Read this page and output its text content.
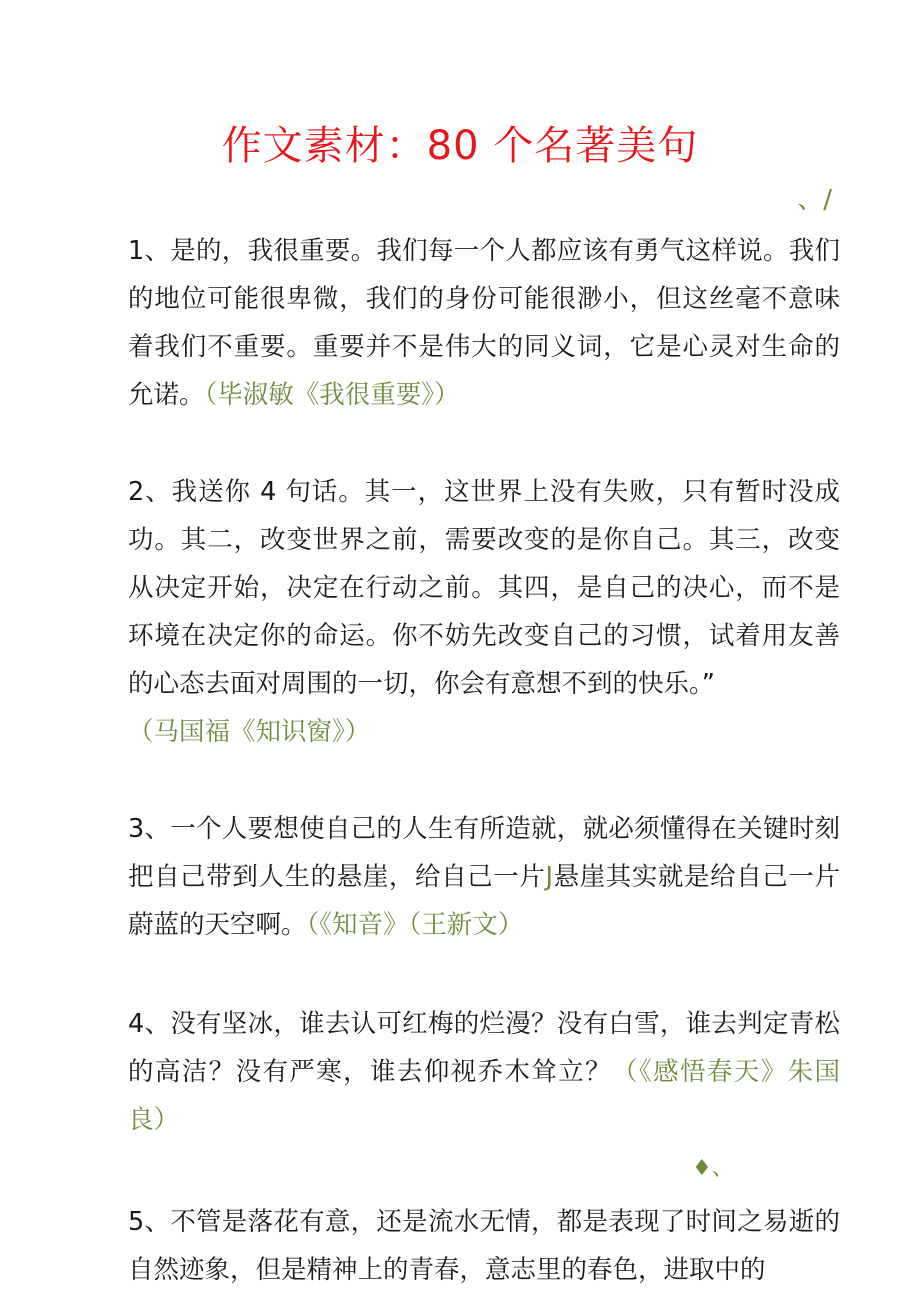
作文素材：80 个名著美句
、/
1、是的，我很重要。我们每一个人都应该有勇气这样说。我们的地位可能很卑微，我们的身份可能很渺小，但这丝毫不意味着我们不重要。重要并不是伟大的同义词，它是心灵对生命的允诺。（毕淑敏《我很重要》）
2、我送你 4 句话。其一，这世界上没有失败，只有暂时没成功。其二，改变世界之前，需要改变的是你自己。其三，改变从决定开始，决定在行动之前。其四，是自己的决心，而不是环境在决定你的命运。你不妨先改变自己的习惯，试着用友善的心态去面对周围的一切，你会有意想不到的快乐。”
（马国福《知识窗》）
3、一个人要想使自己的人生有所造就，就必须懂得在关键时刻把自己带到人生的悬崖，给自己一片J悬崖其实就是给自己一片蔚蓝的天空啊。（《知音》（王新文）
4、没有坚冰，谁去认可红梅的烂漫？没有白雪，谁去判定青松的高洁？没有严寒，谁去仰视乔木耸立？（《感悟春天》朱国良）
♦、
5、不管是落花有意，还是流水无情，都是表现了时间之易逝的自然迹象，但是精神上的青春，意志里的春色，进取中的
